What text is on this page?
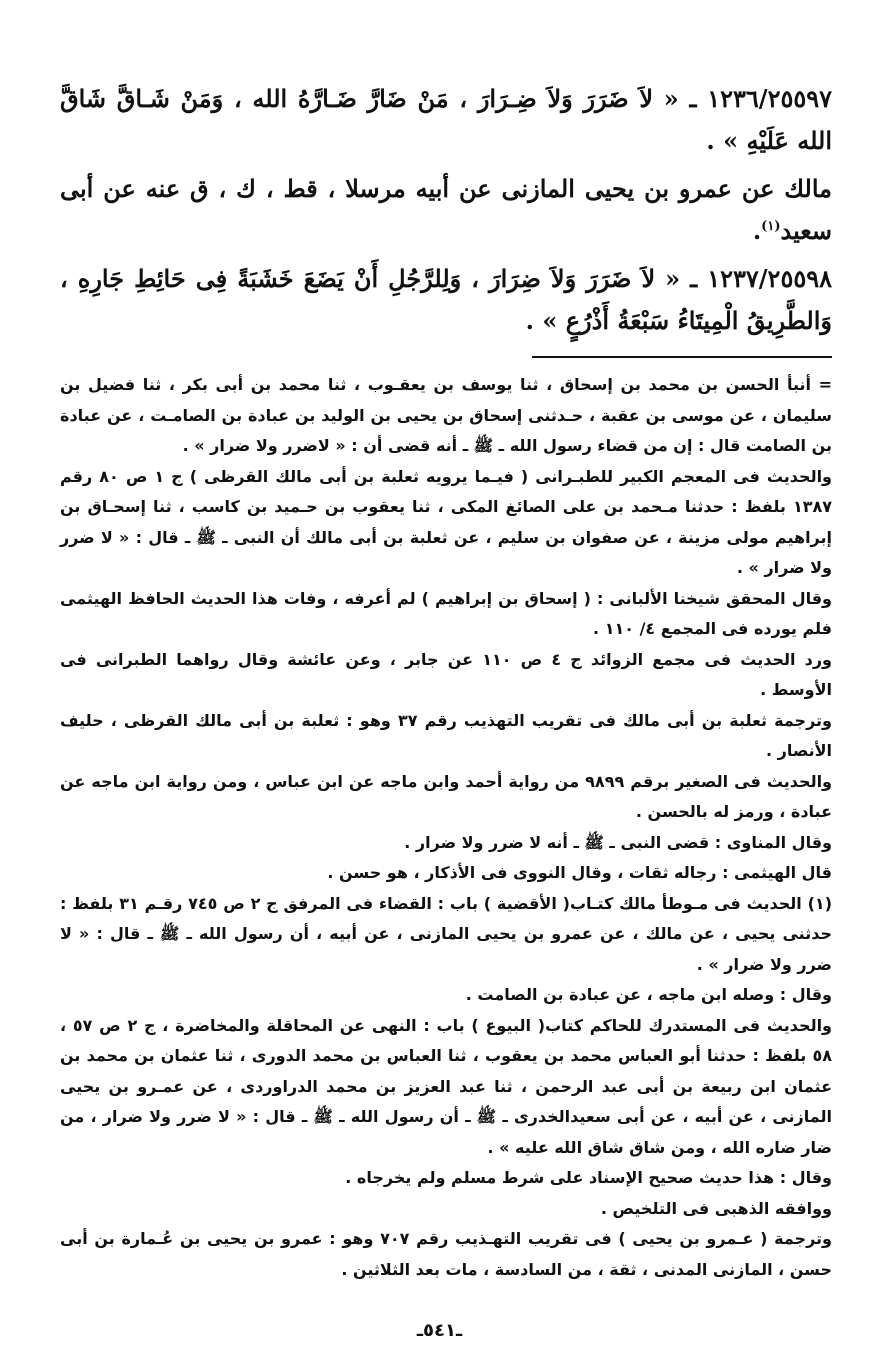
١٢٣٦/٢٥٥٩٧ ـ « لاَ ضَرَرَ وَلاَ ضِـرَارَ ، مَنْ ضَارَّ ضَـارَّهُ الله ، وَمَنْ شَـاقَّ شَاقَّ الله عَلَيْهِ » .

مالك عن عمرو بن يحيى المازنى عن أبيه مرسلا ، قط ، ك ، ق عنه عن أبى سعيد$^{(١)}$.

١٢٣٧/٢٥٥٩٨ ـ « لاَ ضَرَرَ وَلاَ ضِرَارَ ، وَلِلرَّجُلِ أَنْ يَضَعَ خَشَبَةً فِى حَائِطِ جَارِهِ ، وَالطَّرِيقُ الْمِيتَاءُ سَبْعَةُ أَذْرُعٍ » .

= أنبأ الحسن بن محمد بن إسحاق ، ثنا يوسف بن يعقـوب ، ثنا محمد بن أبى بكر ، ثنا فضيل بن سليمان ، عن موسى بن عقبة ، حـدثنى إسحاق بن يحيى بن الوليد بن عبادة بن الصامـت ، عن عبادة بن الصامت قال : إن من قضاء رسول الله ـ ﷺ ـ أنه قضى أن : « لاضرر ولا ضرار » .

والحديث فى المعجم الكبير للطبـرانى ( فيـما يرويه ثعلبة بن أبى مالك القرظى ) ج ١ ص ٨٠ رقم ١٣٨٧ بلفظ : حدثنا مـحمد بن على الصائغ المكى ، ثنا يعقوب بن حـميد بن كاسب ، ثنا إسحـاق بن إبراهيم مولى مزينة ، عن صفوان بن سليم ، عن ثعلبة بن أبى مالك أن النبى ـ ﷺ ـ قال : « لا ضرر ولا ضرار » .

وقال المحقق شيخنا الألبانى : ( إسحاق بن إبراهيم ) لم أعرفه ، وفات هذا الحديث الحافظ الهيثمى فلم يورده فى المجمع ٤/ ١١٠ .

ورد الحديث فى مجمع الزوائد ج ٤ ص ١١٠ عن جابر ، وعن عائشة وقال رواهما الطبرانى فى الأوسط .

وترجمة ثعلبة بن أبى مالك فى تقريب التهذيب رقم ٣٧ وهو : ثعلبة بن أبى مالك القرظى ، حليف الأنصار .

والحديث فى الصغير برقم ٩٨٩٩ من رواية أحمد وابن ماجه عن ابن عباس ، ومن رواية ابن ماجه عن عبادة ، ورمز له بالحسن .

وقال المناوى : قضى النبى ـ ﷺ ـ أنه لا ضرر ولا ضرار .

قال الهيثمى : رجاله ثقات ، وقال النووى فى الأذكار ، هو حسن .

(١) الحديث فى مـوطأ مالك كتـاب( الأقضية ) باب : القضاء فى المرفق ج ٢ ص ٧٤٥ رقـم ٣١ بلفظ : حدثنى يحيى ، عن مالك ، عن عمرو بن يحيى المازنى ، عن أبيه ، أن رسول الله ـ ﷺ ـ قال : « لا ضرر ولا ضرار » .

وقال : وصله ابن ماجه ، عن عبادة بن الصامت .

والحديث فى المستدرك للحاكم كتاب( البيوع ) باب : النهى عن المحاقلة والمخاضرة ، ج ٢ ص ٥٧ ، ٥٨ بلفظ : حدثنا أبو العباس محمد بن يعقوب ، ثنا العباس بن محمد الدورى ، ثنا عثمان بن محمد بن عثمان ابن ربيعة بن أبى عبد الرحمن ، ثنا عبد العزيز بن محمد الدراوردى ، عن عمـرو بن يحيى المازنى ، عن أبيه ، عن أبى سعيدالخدرى ـ ﷺ ـ أن رسول الله ـ ﷺ ـ قال : « لا ضرر ولا ضرار ، من ضار ضاره الله ، ومن شاق شاق الله عليه » .

وقال : هذا حديث صحيح الإسناد على شرط مسلم ولم يخرجاه .

ووافقه الذهبى فى التلخيص .

وترجمة ( عـمرو بن يحيى ) فى تقريب التهـذيب رقم ٧٠٧ وهو : عمرو بن يحيى بن عُـمارة بن أبى حسن ، المازنى المدنى ، ثقة ، من السادسة ، مات بعد الثلاثين .

ـ٥٤١ـ
